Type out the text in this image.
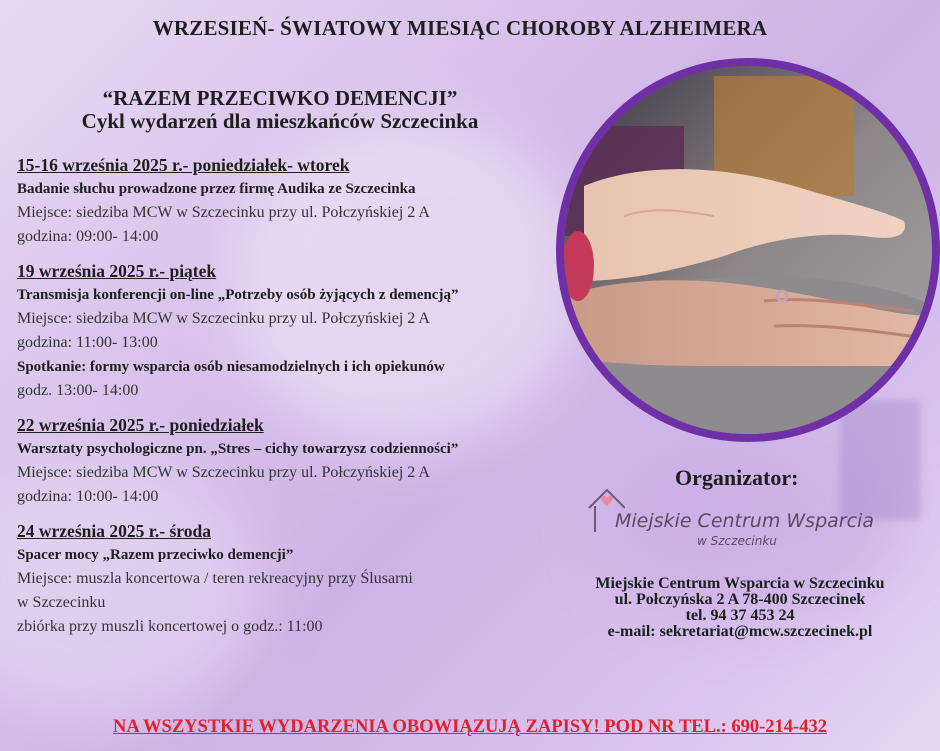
WRZESIEŃ- ŚWIATOWY MIESIĄC CHOROBY ALZHEIMERA
“RAZEM PRZECIWKO DEMENCJI”
Cykl wydarzeń dla mieszkańców Szczecinka
15-16 września 2025 r.- poniedziałek- wtorek
Badanie słuchu prowadzone przez firmę Audika ze Szczecinka
Miejsce: siedziba MCW w Szczecinku przy ul. Połczyńskiej 2 A
godzina: 09:00- 14:00
19 września 2025 r.- piątek
Transmisja konferencji on-line „Potrzeby osób żyjących z demencją”
Miejsce: siedziba MCW w Szczecinku przy ul. Połczyńskiej 2 A
godzina: 11:00- 13:00
Spotkanie: formy wsparcia osób niesamodzielnych i ich opiekunów
godz. 13:00- 14:00
22 września 2025 r.- poniedziałek
Warsztaty psychologiczne pn. „Stres – cichy towarzysz codzienności”
Miejsce: siedziba MCW w Szczecinku przy ul. Połczyńskiej 2 A
godzina: 10:00- 14:00
24 września 2025 r.- środa
Spacer mocy „Razem przeciwko demencji”
Miejsce: muszla koncertowa / teren rekreacyjny przy Ślusarni
w Szczecinku
zbiórka przy muszli koncertowej o godz.: 11:00
Organizator:
Miejskie Centrum Wsparcia
w Szczecinku
Miejskie Centrum Wsparcia w Szczecinku
ul. Połczyńska 2 A 78-400 Szczecinek
tel. 94 37 453 24
e-mail: sekretariat@mcw.szczecinek.pl
NA WSZYSTKIE WYDARZENIA OBOWIĄZUJĄ ZAPISY! POD NR TEL.: 690-214-432
